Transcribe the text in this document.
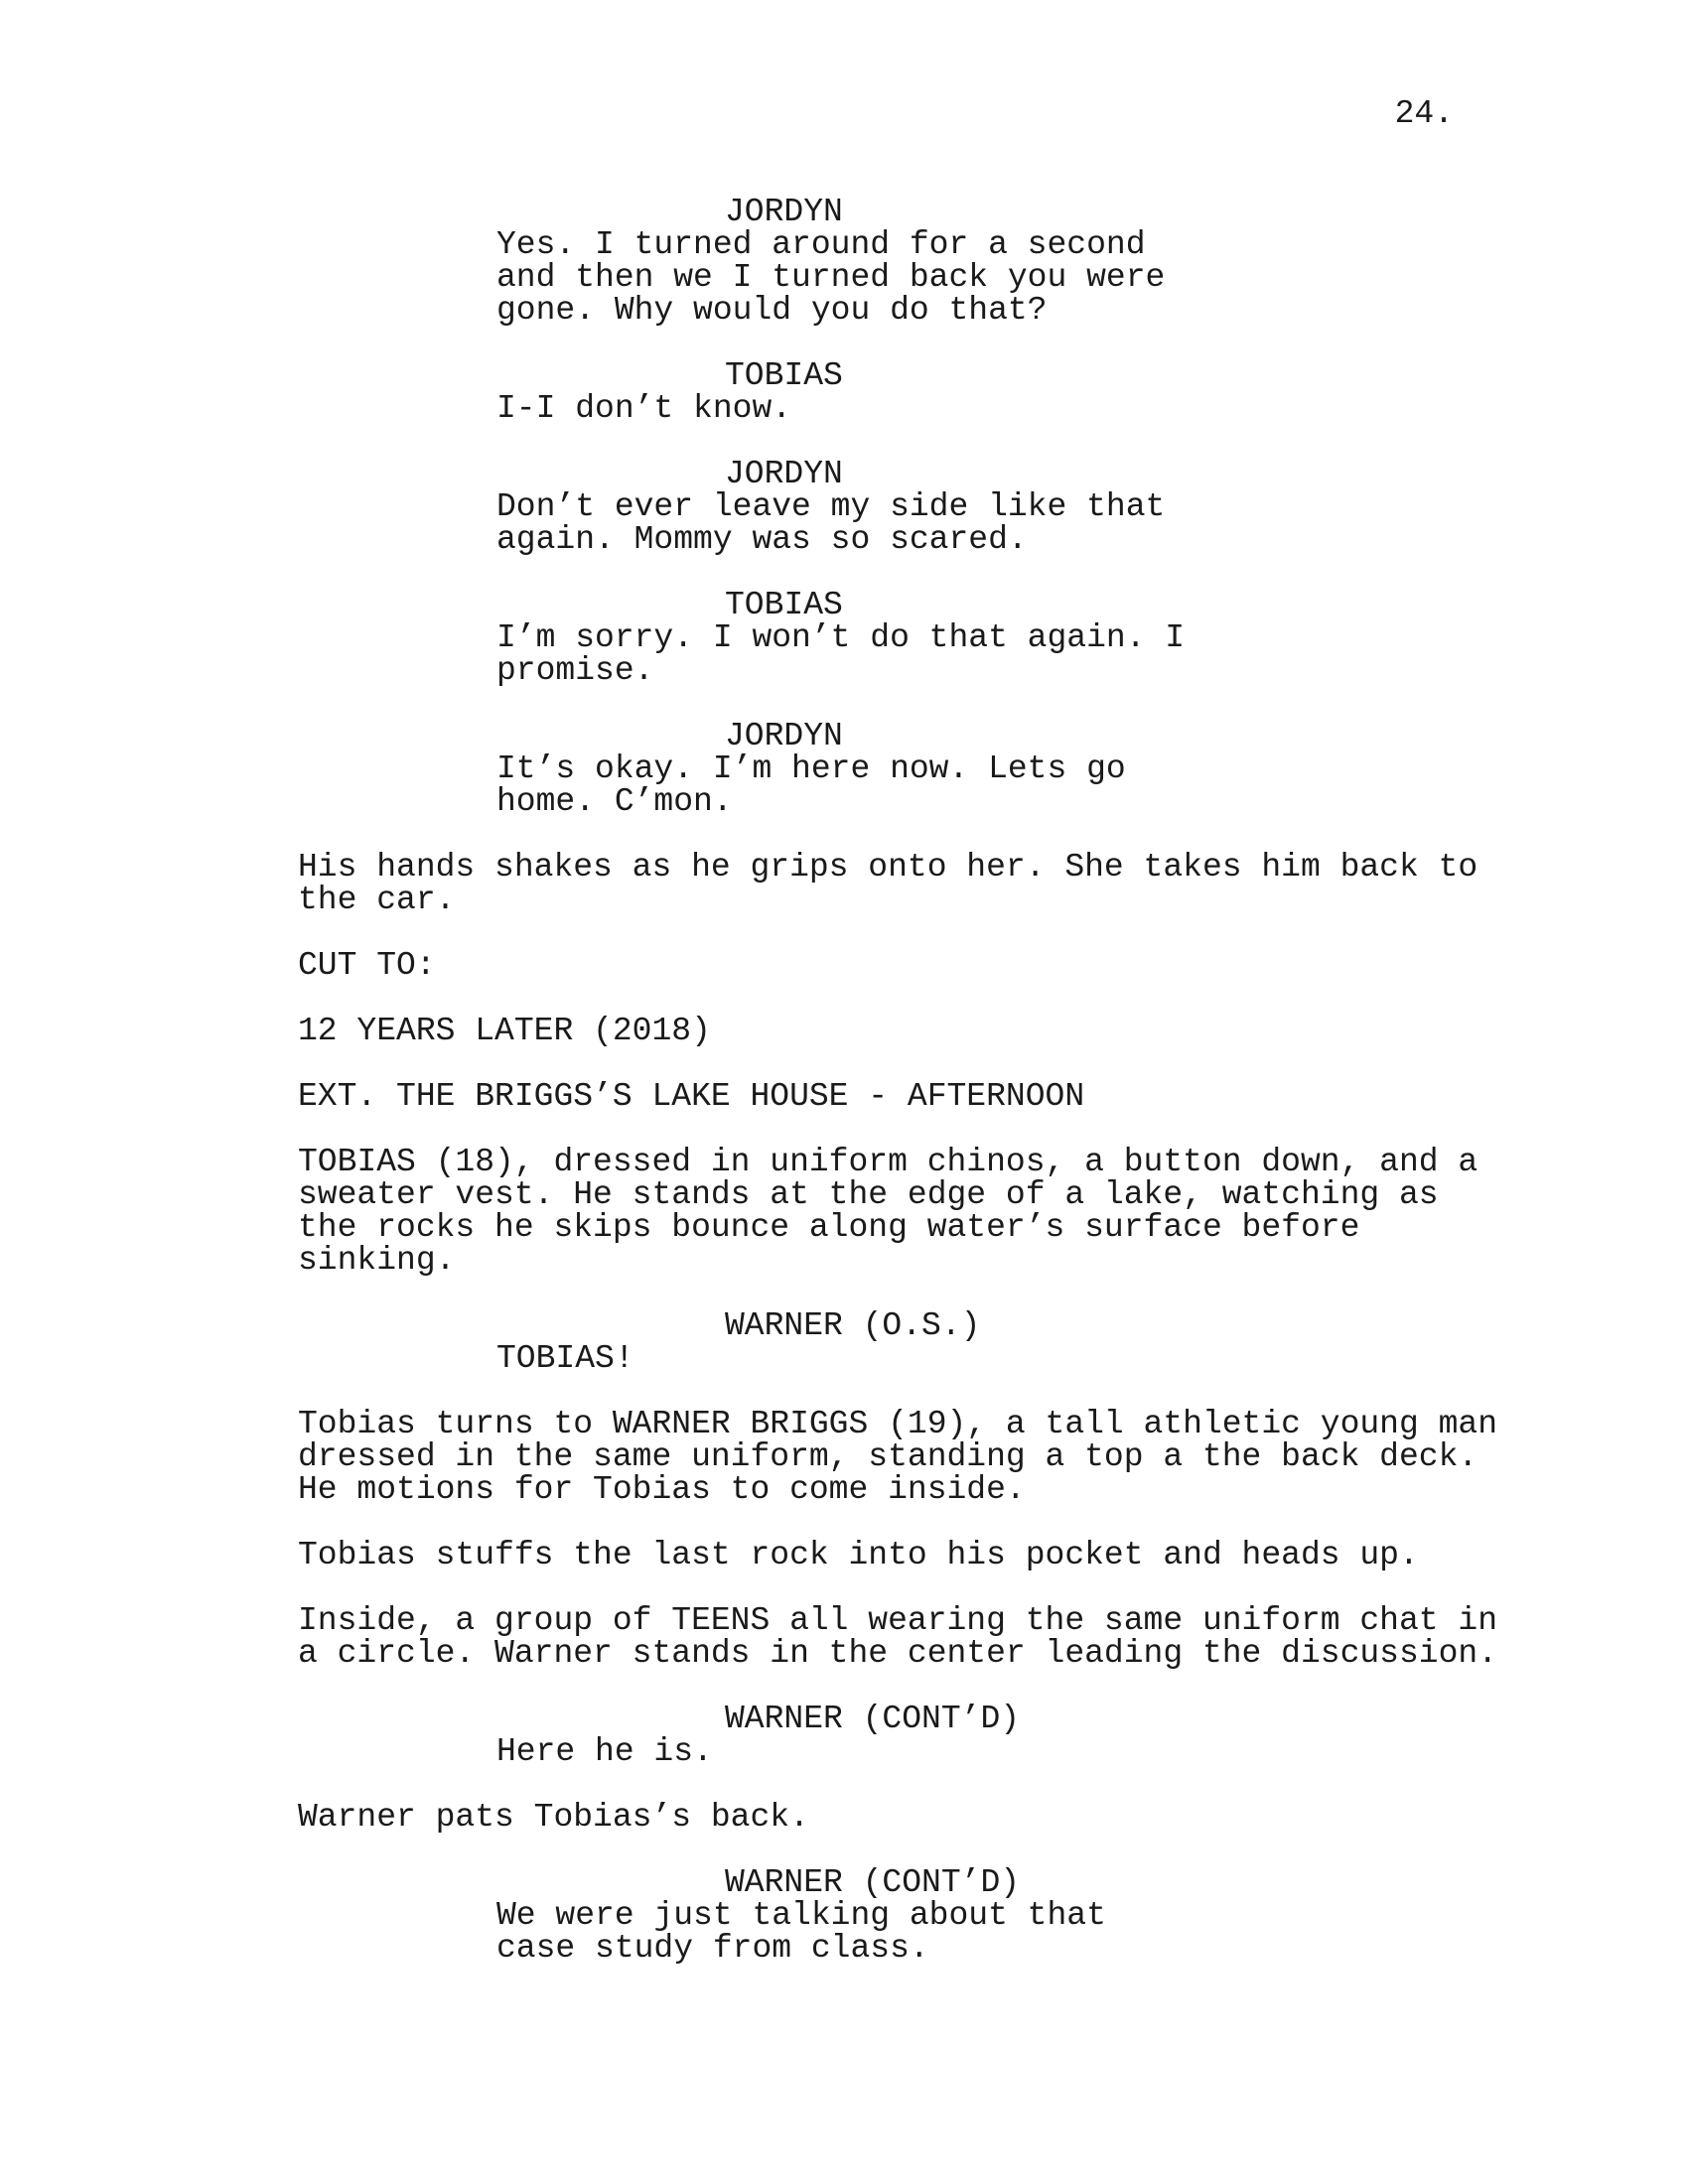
24.
JORDYN
Yes. I turned around for a second
and then we I turned back you were
gone. Why would you do that?
TOBIAS
I-I don’t know.
JORDYN
Don’t ever leave my side like that
again. Mommy was so scared.
TOBIAS
I’m sorry. I won’t do that again. I
promise.
JORDYN
It’s okay. I’m here now. Lets go
home. C’mon.
His hands shakes as he grips onto her. She takes him back to
the car.
CUT TO:
12 YEARS LATER (2018)
EXT. THE BRIGGS’S LAKE HOUSE - AFTERNOON
TOBIAS (18), dressed in uniform chinos, a button down, and a
sweater vest. He stands at the edge of a lake, watching as
the rocks he skips bounce along water’s surface before
sinking.
WARNER (O.S.)
TOBIAS!
Tobias turns to WARNER BRIGGS (19), a tall athletic young man
dressed in the same uniform, standing a top a the back deck.
He motions for Tobias to come inside.
Tobias stuffs the last rock into his pocket and heads up.
Inside, a group of TEENS all wearing the same uniform chat in
a circle. Warner stands in the center leading the discussion.
WARNER (CONT’D)
Here he is.
Warner pats Tobias’s back.
WARNER (CONT’D)
We were just talking about that
case study from class.
